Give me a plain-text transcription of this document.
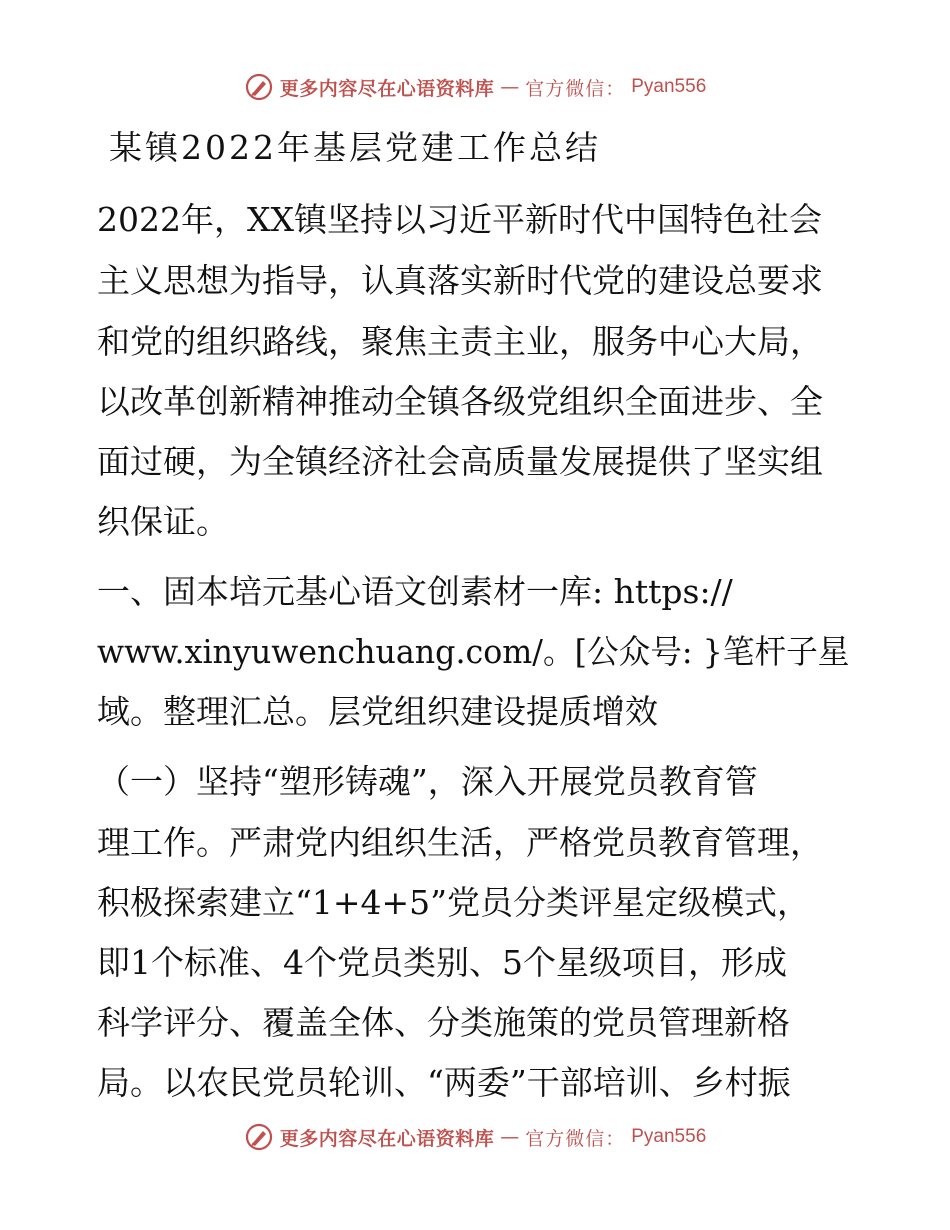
更多内容尽在心语资料库 — 官方微信： Pyan556
某镇2022年基层党建工作总结
2022年，XX镇坚持以习近平新时代中国特色社会
主义思想为指导，认真落实新时代党的建设总要求
和党的组织路线，聚焦主责主业，服务中心大局，
以改革创新精神推动全镇各级党组织全面进步、全
面过硬，为全镇经济社会高质量发展提供了坚实组
织保证。
一、固本培元基心语文创素材一库: https://
www.xinyuwenchuang.com/。[公众号: }笔杆子星
域。整理汇总。层党组织建设提质增效
（一）坚持“塑形铸魂”，深入开展党员教育管
理工作。严肃党内组织生活，严格党员教育管理，
积极探索建立“1+4+5”党员分类评星定级模式，
即1个标准、4个党员类别、5个星级项目，形成
科学评分、覆盖全体、分类施策的党员管理新格
局。以农民党员轮训、“两委”干部培训、乡村振
更多内容尽在心语资料库 — 官方微信： Pyan556
